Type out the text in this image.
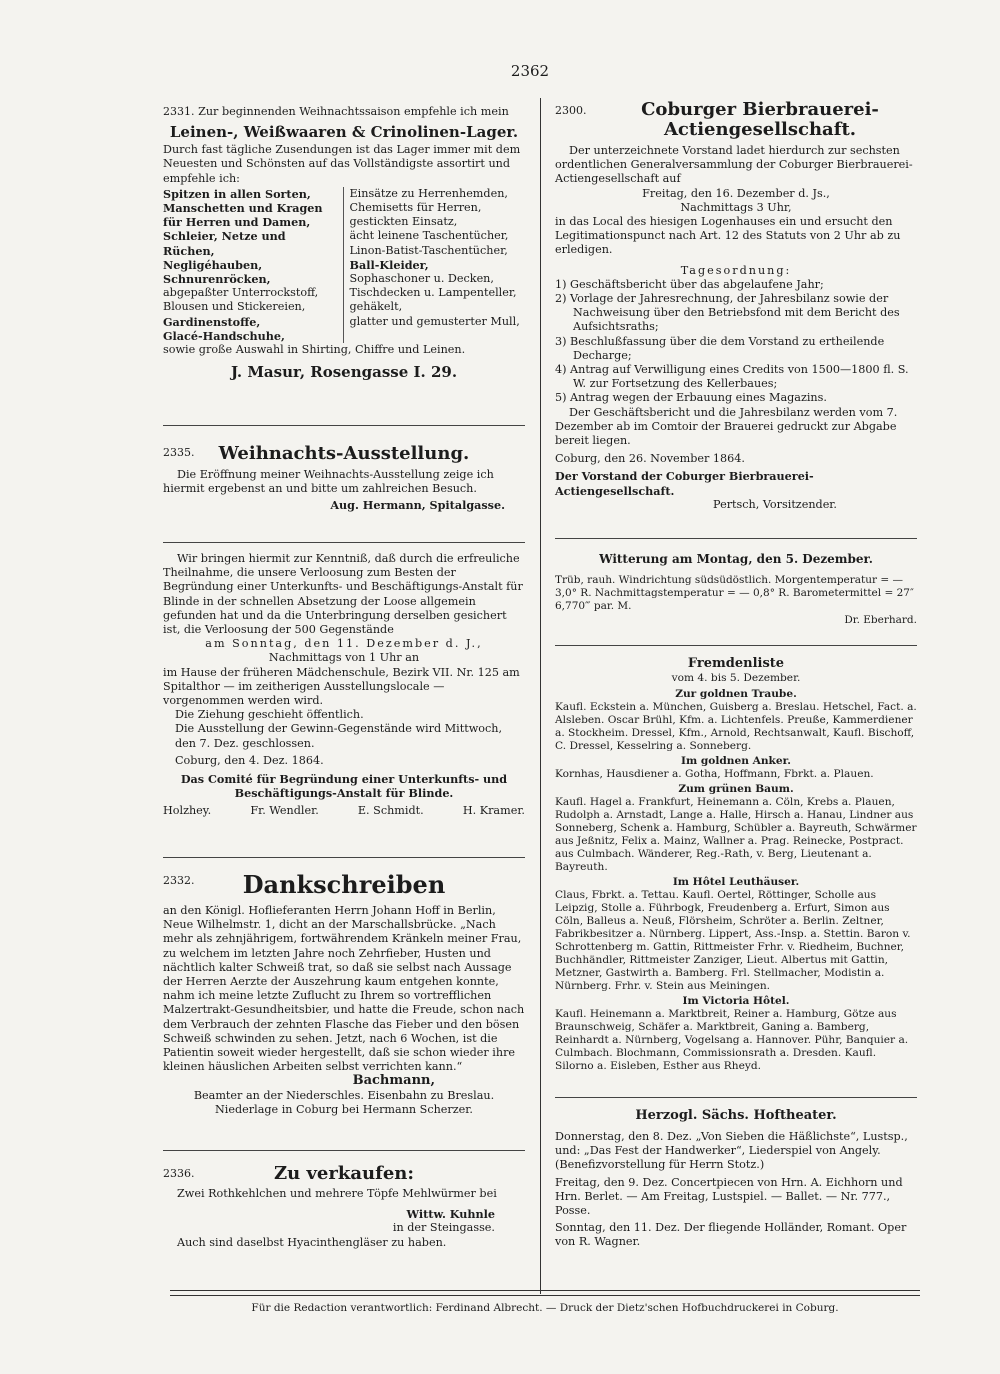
2362

2331. Zur beginnenden Weihnachtssaison empfehle ich mein

Leinen-, Weißwaaren & Crinolinen-Lager.

Durch fast tägliche Zusendungen ist das Lager immer mit dem Neuesten und Schönsten auf das Vollständigste assortirt und empfehle ich:

Spitzen in allen Sorten,
Manschetten und Kragen für Herren und Damen,
Schleier, Netze und Rüchen,
Negligéhauben,
Schnurenröcken,
abgepaßter Unterrockstoff,
Blousen und Stickereien,
Gardinenstoffe,
Glacé-Handschuhe,
Einsätze zu Herrenhemden,
Chemisetts für Herren,
gestickten Einsatz,
ächt leinene Taschentücher,
Linon-Batist-Taschentücher,
Ball-Kleider,
Sophaschoner u. Decken, Tischdecken u. Lampenteller, gehäkelt,
glatter und gemusterter Mull,

sowie große Auswahl in Shirting, Chiffre und Leinen.

J. Masur, Rosengasse I. 29.
2335.	Weihnachts-Ausstellung.

Die Eröffnung meiner Weihnachts-Ausstellung zeige ich hiermit ergebenst an und bitte um zahlreichen Besuch.

Aug. Hermann, Spitalgasse.

Wir bringen hiermit zur Kenntniß, daß durch die erfreuliche Theilnahme, die unsere Verloosung zum Besten der Begründung einer Unterkunfts- und Beschäftigungs-Anstalt für Blinde in der schnellen Absetzung der Loose allgemein gefunden hat und da die Unterbringung derselben gesichert ist, die Verloosung der 500 Gegenstände

am Sonntag, den 11. Dezember d. J.,
Nachmittags von 1 Uhr an

im Hause der früheren Mädchenschule, Bezirk VII. Nr. 125 am Spitalthor — im zeitherigen Ausstellungslocale — vorgenommen werden wird.

Die Ziehung geschieht öffentlich.

Die Ausstellung der Gewinn-Gegenstände wird Mittwoch, den 7. Dez. geschlossen.

Coburg, den 4. Dez. 1864.

Das Comité für Begründung einer Unterkunfts- und Beschäftigungs-Anstalt für Blinde.

Holzhey.	Fr. Wendler.	E. Schmidt.	H. Kramer.
2332.	Dankschreiben

an den Königl. Hoflieferanten Herrn Johann Hoff in Berlin, Neue Wilhelmstr. 1, dicht an der Marschallsbrücke. „Nach mehr als zehnjährigem, fortwährendem Kränkeln meiner Frau, zu welchem im letzten Jahre noch Zehrfieber, Husten und nächtlich kalter Schweiß trat, so daß sie selbst nach Aussage der Herren Aerzte der Auszehrung kaum entgehen konnte, nahm ich meine letzte Zuflucht zu Ihrem so vortrefflichen Malzertrakt-Gesundheitsbier, und hatte die Freude, schon nach dem Verbrauch der zehnten Flasche das Fieber und den bösen Schweiß schwinden zu sehen. Jetzt, nach 6 Wochen, ist die Patientin soweit wieder hergestellt, daß sie schon wieder ihre kleinen häuslichen Arbeiten selbst verrichten kann.“

Bachmann,
Beamter an der Niederschles. Eisenbahn zu Breslau.
Niederlage in Coburg bei Hermann Scherzer.
2336.	Zu verkaufen:

Zwei Rothkehlchen und mehrere Töpfe Mehlwürmer bei

Wittw. Kuhnle
in der Steingasse.

Auch sind daselbst Hyacinthengläser zu haben.

2300.	Coburger Bierbrauerei-Actiengesellschaft.

Der unterzeichnete Vorstand ladet hierdurch zur sechsten ordentlichen Generalversammlung der Coburger Bierbrauerei-Actiengesellschaft auf

Freitag, den 16. Dezember d. Js.,
Nachmittags 3 Uhr,

in das Local des hiesigen Logenhauses ein und ersucht den Legitimationspunct nach Art. 12 des Statuts von 2 Uhr ab zu erledigen.

Tagesordnung:
1) Geschäftsbericht über das abgelaufene Jahr;
2) Vorlage der Jahresrechnung, der Jahresbilanz sowie der Nachweisung über den Betriebsfond mit dem Bericht des Aufsichtsraths;
3) Beschlußfassung über die dem Vorstand zu ertheilende Decharge;
4) Antrag auf Verwilligung eines Credits von 1500—1800 fl. S. W. zur Fortsetzung des Kellerbaues;
5) Antrag wegen der Erbauung eines Magazins.

Der Geschäftsbericht und die Jahresbilanz werden vom 7. Dezember ab im Comtoir der Brauerei gedruckt zur Abgabe bereit liegen.

Coburg, den 26. November 1864.

Der Vorstand der Coburger Bierbrauerei-Actiengesellschaft.

Pertsch, Vorsitzender.
Witterung am Montag, den 5. Dezember.

Trüb, rauh. Windrichtung südsüdöstlich. Morgentemperatur = — 3,0° R. Nachmittagstemperatur = — 0,8° R. Barometermittel = 27″ 6,770‴ par. M.

Dr. Eberhard.
Fremdenliste
vom 4. bis 5. Dezember.
Zur goldnen Traube.

Kaufl. Eckstein a. München, Guisberg a. Breslau. Hetschel, Fact. a. Alsleben. Oscar Brühl, Kfm. a. Lichtenfels. Preuße, Kammerdiener a. Stockheim. Dressel, Kfm., Arnold, Rechtsanwalt, Kaufl. Bischoff, C. Dressel, Kesselring a. Sonneberg.

Im goldnen Anker.

Kornhas, Hausdiener a. Gotha, Hoffmann, Fbrkt. a. Plauen.

Zum grünen Baum.

Kaufl. Hagel a. Frankfurt, Heinemann a. Cöln, Krebs a. Plauen, Rudolph a. Arnstadt, Lange a. Halle, Hirsch a. Hanau, Lindner aus Sonneberg, Schenk a. Hamburg, Schübler a. Bayreuth, Schwärmer aus Jeßnitz, Felix a. Mainz, Wallner a. Prag. Reinecke, Postpract. aus Culmbach. Wänderer, Reg.-Rath, v. Berg, Lieutenant a. Bayreuth.

Im Hôtel Leuthäuser.

Claus, Fbrkt. a. Tettau. Kaufl. Oertel, Röttinger, Scholle aus Leipzig, Stolle a. Führbogk, Freudenberg a. Erfurt, Simon aus Cöln, Balleus a. Neuß, Flörsheim, Schröter a. Berlin. Zeltner, Fabrikbesitzer a. Nürnberg. Lippert, Ass.-Insp. a. Stettin. Baron v. Schrottenberg m. Gattin, Rittmeister Frhr. v. Riedheim, Buchner, Buchhändler, Rittmeister Zanziger, Lieut. Albertus mit Gattin, Metzner, Gastwirth a. Bamberg. Frl. Stellmacher, Modistin a. Nürnberg. Frhr. v. Stein aus Meiningen.

Im Victoria Hôtel.

Kaufl. Heinemann a. Marktbreit, Reiner a. Hamburg, Götze aus Braunschweig, Schäfer a. Marktbreit, Ganing a. Bamberg, Reinhardt a. Nürnberg, Vogelsang a. Hannover. Pühr, Banquier a. Culmbach. Blochmann, Commissionsrath a. Dresden. Kaufl. Silorno a. Eisleben, Esther aus Rheyd.

Herzogl. Sächs. Hoftheater.

Donnerstag, den 8. Dez. „Von Sieben die Häßlichste“, Lustsp., und: „Das Fest der Handwerker“, Liederspiel von Angely. (Benefizvorstellung für Herrn Stotz.)

Freitag, den 9. Dez. Concertpiecen von Hrn. A. Eichhorn und Hrn. Berlet. — Am Freitag, Lustspiel. — Ballet. — Nr. 777., Posse.

Sonntag, den 11. Dez. Der fliegende Holländer, Romant. Oper von R. Wagner.

Für die Redaction verantwortlich: Ferdinand Albrecht. — Druck der Dietz'schen Hofbuchdruckerei in Coburg.
